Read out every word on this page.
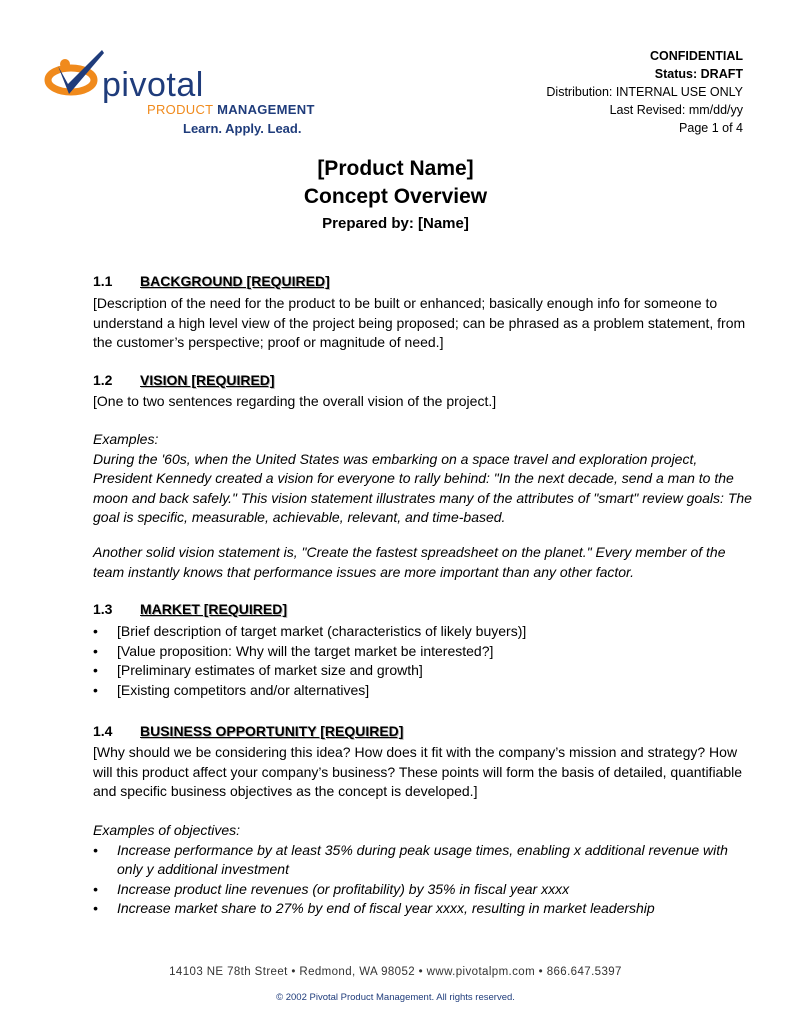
pivotal
PRODUCT MANAGEMENT
Learn. Apply. Lead.
CONFIDENTIAL
Status: DRAFT
Distribution: INTERNAL USE ONLY
Last Revised: mm/dd/yy
Page 1 of 4
[Product Name]
Concept Overview
Prepared by: [Name]
1.1 BACKGROUND [REQUIRED]

[Description of the need for the product to be built or enhanced; basically enough info for someone to understand a high level view of the project being proposed; can be phrased as a problem statement, from the customer’s perspective; proof or magnitude of need.]

1.2 VISION [REQUIRED]

[One to two sentences regarding the overall vision of the project.]

Examples:

During the '60s, when the United States was embarking on a space travel and exploration project, President Kennedy created a vision for everyone to rally behind: "In the next decade, send a man to the moon and back safely." This vision statement illustrates many of the attributes of "smart" review goals: The goal is specific, measurable, achievable, relevant, and time-based.

Another solid vision statement is, "Create the fastest spreadsheet on the planet." Every member of the team instantly knows that performance issues are more important than any other factor.

1.3 MARKET [REQUIRED]
• [Brief description of target market (characteristics of likely buyers)]
• [Value proposition: Why will the target market be interested?]
• [Preliminary estimates of market size and growth]
• [Existing competitors and/or alternatives]
1.4 BUSINESS OPPORTUNITY [REQUIRED]

[Why should we be considering this idea? How does it fit with the company’s mission and strategy? How will this product affect your company’s business? These points will form the basis of detailed, quantifiable and specific business objectives as the concept is developed.]

Examples of objectives:

• Increase performance by at least 35% during peak usage times, enabling x additional revenue with only y additional investment
• Increase product line revenues (or profitability) by 35% in fiscal year xxxx
• Increase market share to 27% by end of fiscal year xxxx, resulting in market leadership
14103 NE 78th Street • Redmond, WA 98052 • www.pivotalpm.com • 866.647.5397
© 2002 Pivotal Product Management. All rights reserved.
